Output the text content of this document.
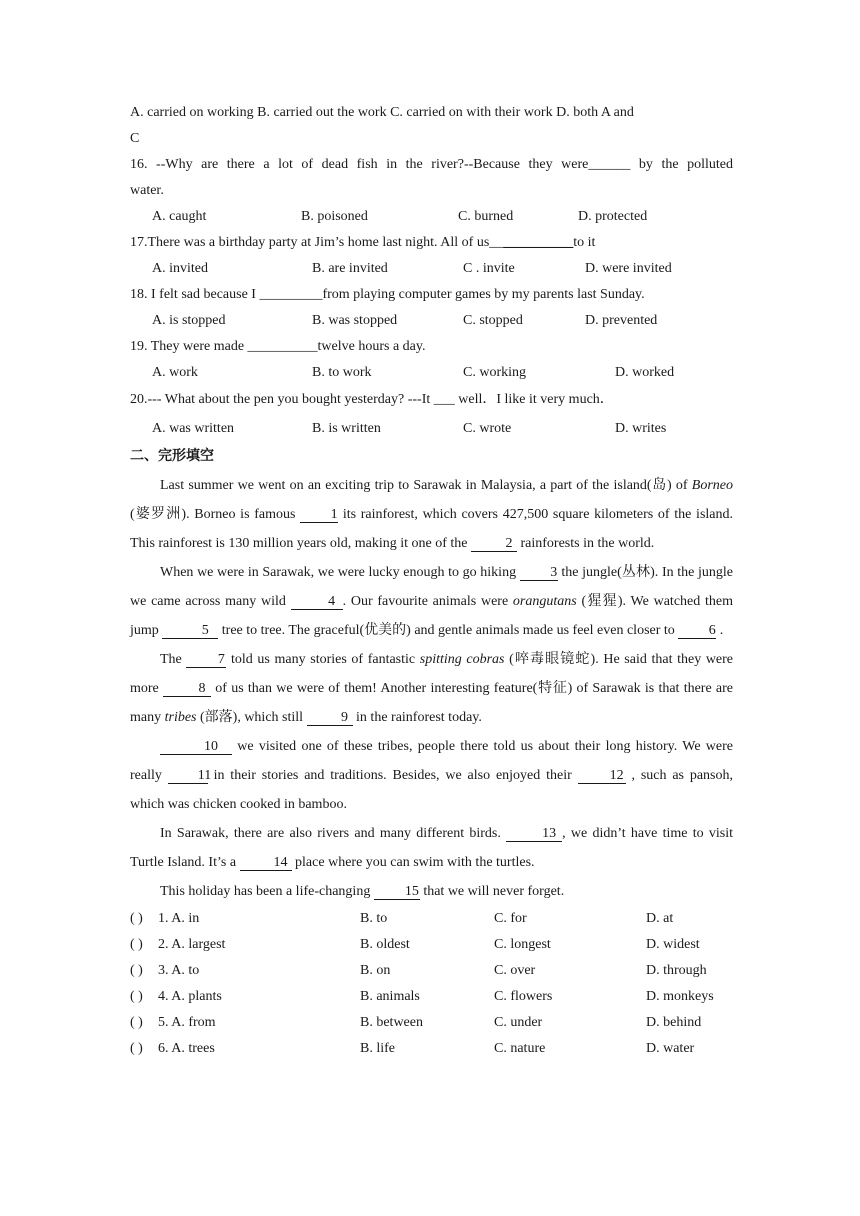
A. carried on working B. carried out the work C. carried on with their work D. both A and
C
16. --Why are there a lot of dead fish in the river?--Because they were______ by the polluted
water.
A. caught	B. poisoned	C. burned	D. protected
17.There was a birthday party at Jim’s home last night. All of us____________to it
A. invited	B. are invited	C . invite	D. were invited
18. I felt sad because I _________from playing computer games by my parents last Sunday.
A. is stopped	B. was stopped	C. stopped	D. prevented
19. They were made __________twelve hours a day.
A. work	B. to work	C. working	D. worked
20.--- What about the pen you bought yesterday? ---It ___ well．I like it very much．
A. was written	B. is written	C. wrote	D. writes
二、完形填空

Last summer we went on an exciting trip to Sarawak in Malaysia, a part of the island(岛) of Borneo (婆罗洲). Borneo is famous 1 its rainforest, which covers 427,500 square kilometers of the island. This rainforest is 130 million years old, making it one of the 2 rainforests in the world.

When we were in Sarawak, we were lucky enough to go hiking 3 the jungle(丛林). In the jungle we came across many wild	4 . Our favourite animals were orangutans (猩猩). We watched them jump	5 tree to tree. The graceful(优美的) and gentle animals made us feel even closer to 6 .

The 7 told us many stories of fantastic spitting cobras (啐毒眼镜蛇). He said that they were more	8 of us than we were of them! Another interesting feature(特征) of Sarawak is that there are many tribes (部落), which still 9 in the rainforest today.

10 we visited one of these tribes, people there told us about their long history. We were really 11 in their stories and traditions. Besides, we also enjoyed their 12 , such as pansoh, which was chicken cooked in bamboo.

In Sarawak, there are also rivers and many different birds.	13 , we didn’t have time to visit Turtle Island. It’s a 14 place where you can swim with the turtles.

This holiday has been a life-changing 15 that we will never forget.

( ) 1. A. in	B. to	C. for	D. at
( ) 2. A. largest	B. oldest	C. longest	D. widest
( ) 3. A. to	B. on	C. over	D. through
( ) 4. A. plants	B. animals	C. flowers	D. monkeys
( ) 5. A. from	B. between	C. under	D. behind
( ) 6. A. trees	B. life	C. nature	D. water
